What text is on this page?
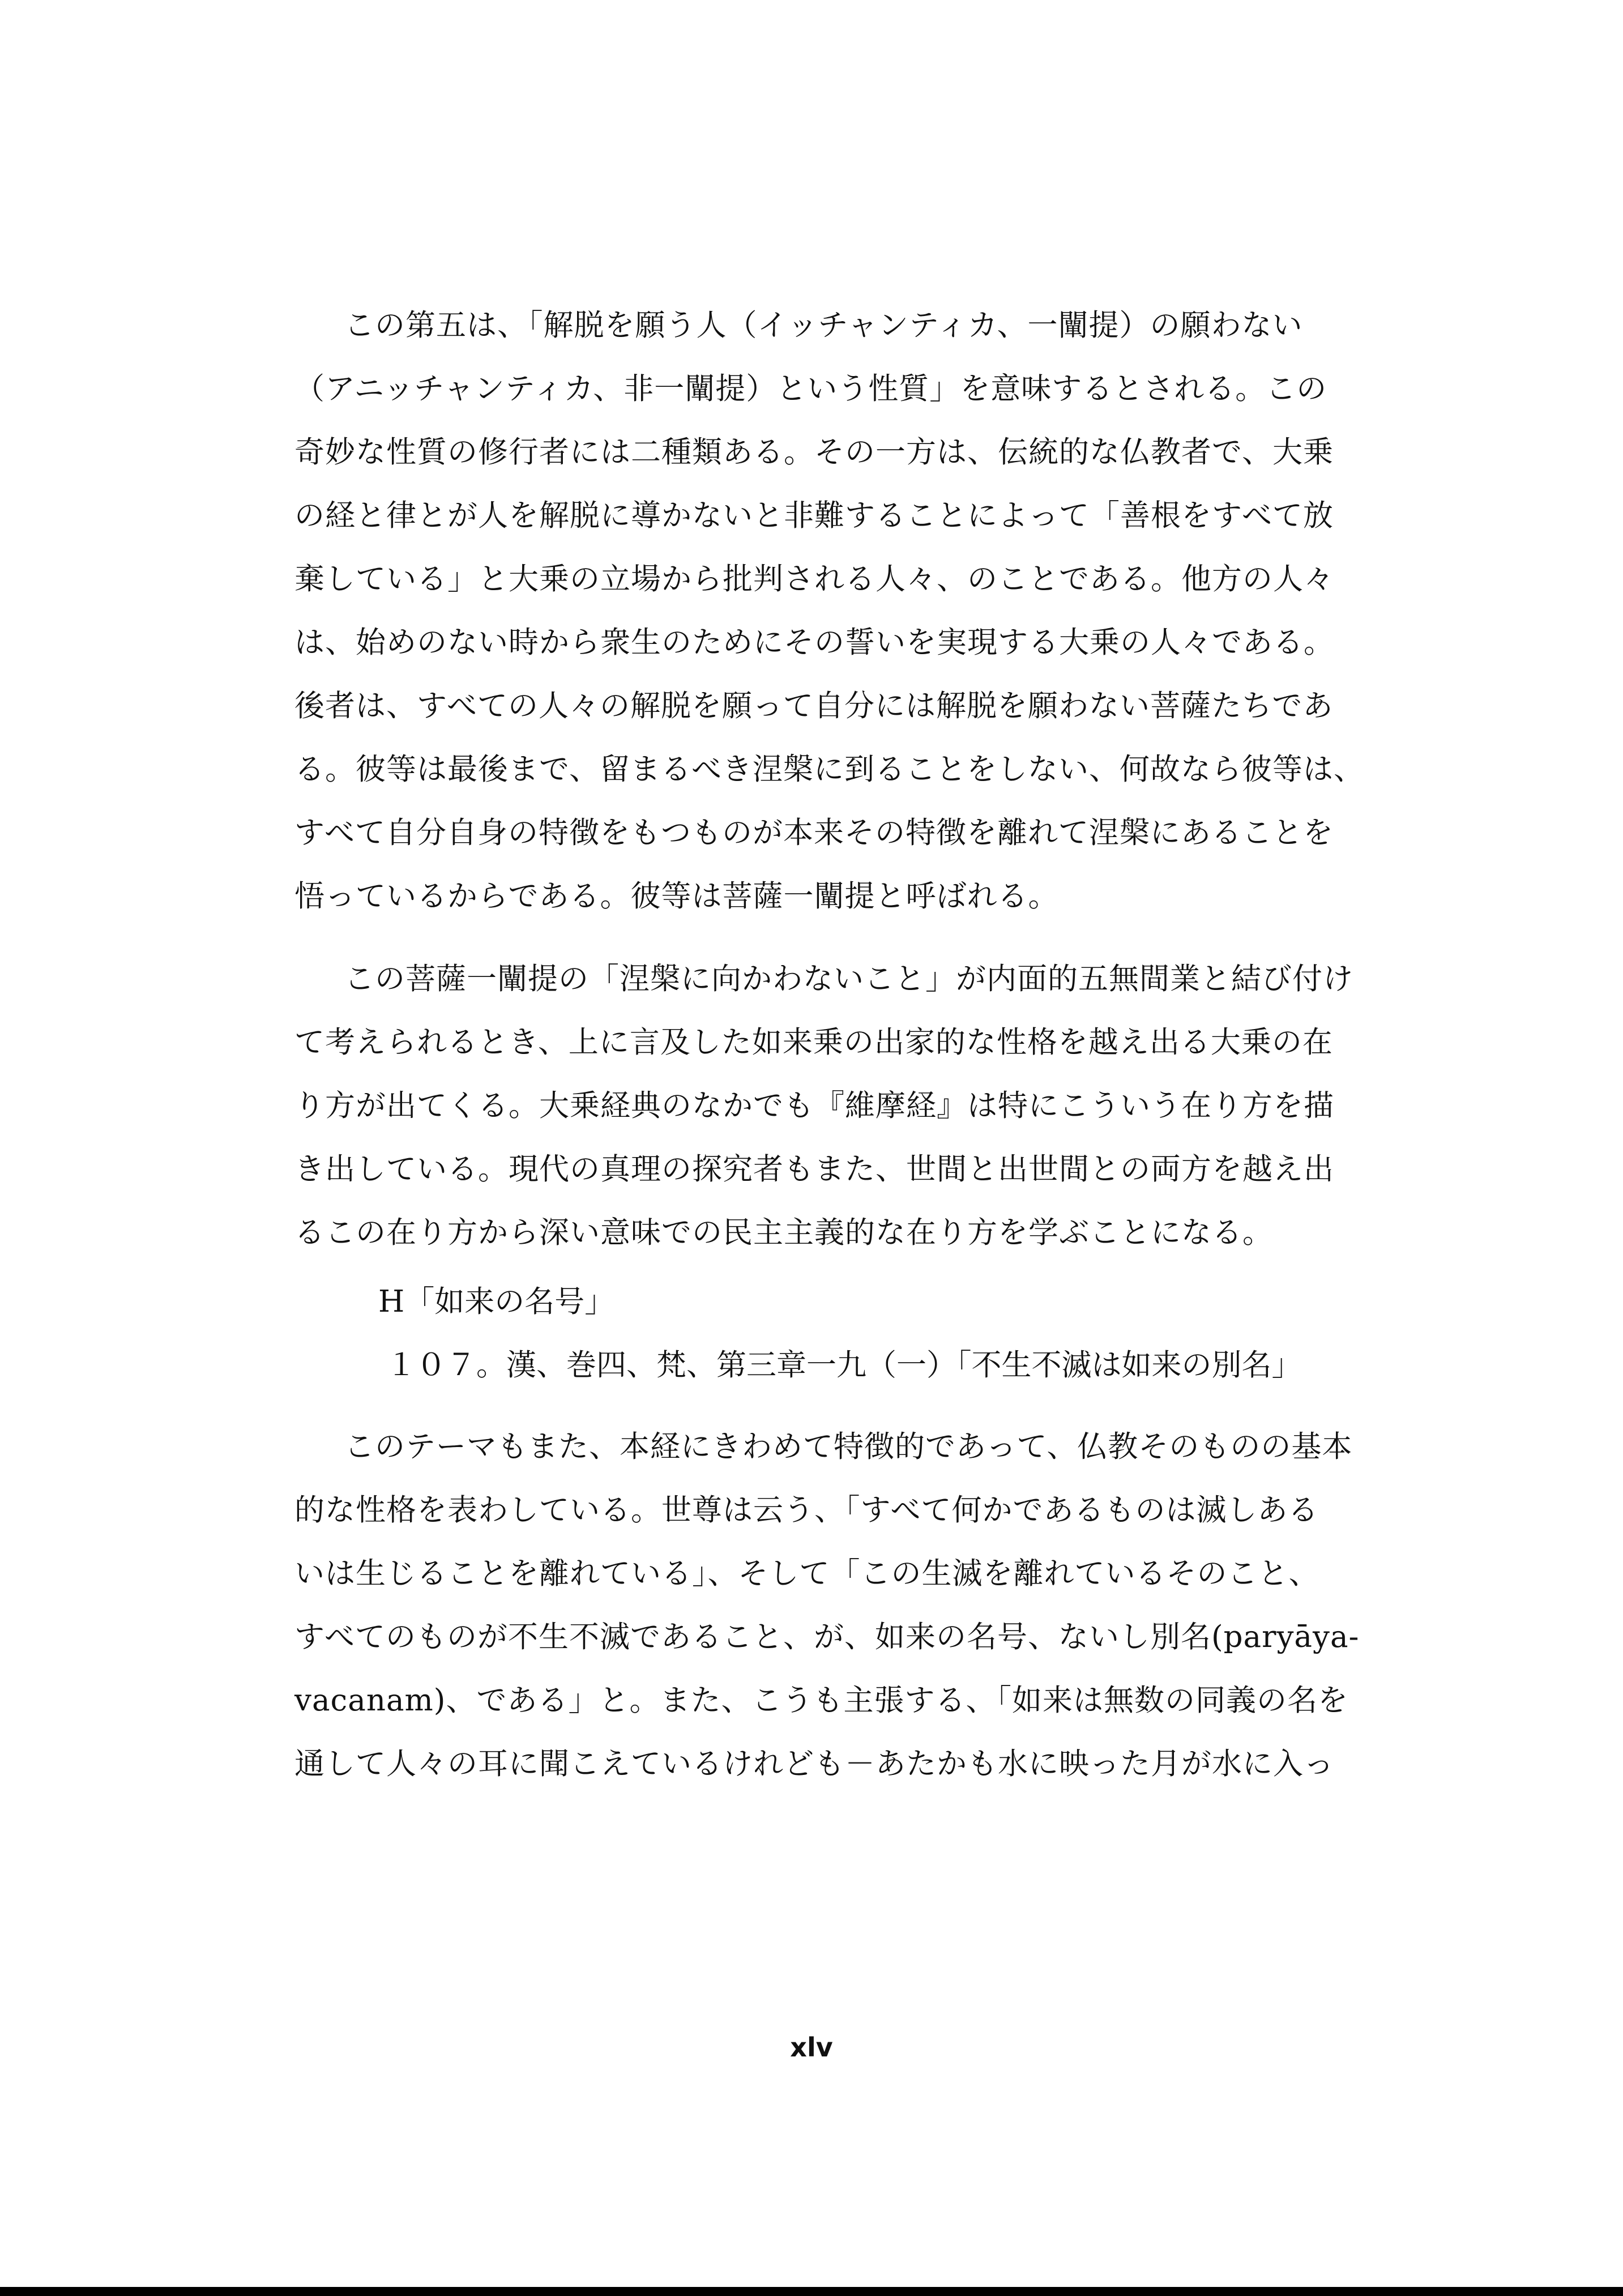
この第五は、「解脱を願う人（イッチャンティカ、一闡提）の願わない
（アニッチャンティカ、非一闡提）という性質」を意味するとされる。この
奇妙な性質の修行者には二種類ある。その一方は、伝統的な仏教者で、大乗
の経と律とが人を解脱に導かないと非難することによって「善根をすべて放
棄している」と大乗の立場から批判される人々、のことである。他方の人々
は、始めのない時から衆生のためにその誓いを実現する大乗の人々である。
後者は、すべての人々の解脱を願って自分には解脱を願わない菩薩たちであ
る。彼等は最後まで、留まるべき涅槃に到ることをしない、何故なら彼等は、
すべて自分自身の特徴をもつものが本来その特徴を離れて涅槃にあることを
悟っているからである。彼等は菩薩一闡提と呼ばれる。
この菩薩一闡提の「涅槃に向かわないこと」が内面的五無間業と結び付け
て考えられるとき、上に言及した如来乗の出家的な性格を越え出る大乗の在
り方が出てくる。大乗経典のなかでも『維摩経』は特にこういう在り方を描
き出している。現代の真理の探究者もまた、世間と出世間との両方を越え出
るこの在り方から深い意味での民主主義的な在り方を学ぶことになる。
H「如来の名号」
１０７。漢、巻四、梵、第三章一九（一）「不生不滅は如来の別名」
このテーマもまた、本経にきわめて特徴的であって、仏教そのものの基本
的な性格を表わしている。世尊は云う、「すべて何かであるものは滅しある
いは生じることを離れている」、そして「この生滅を離れているそのこと、
すべてのものが不生不滅であること、が、如来の名号、ないし別名(paryāya-
vacanam)、である」と。また、こうも主張する、「如来は無数の同義の名を
通して人々の耳に聞こえているけれども－あたかも水に映った月が水に入っ
xlv
